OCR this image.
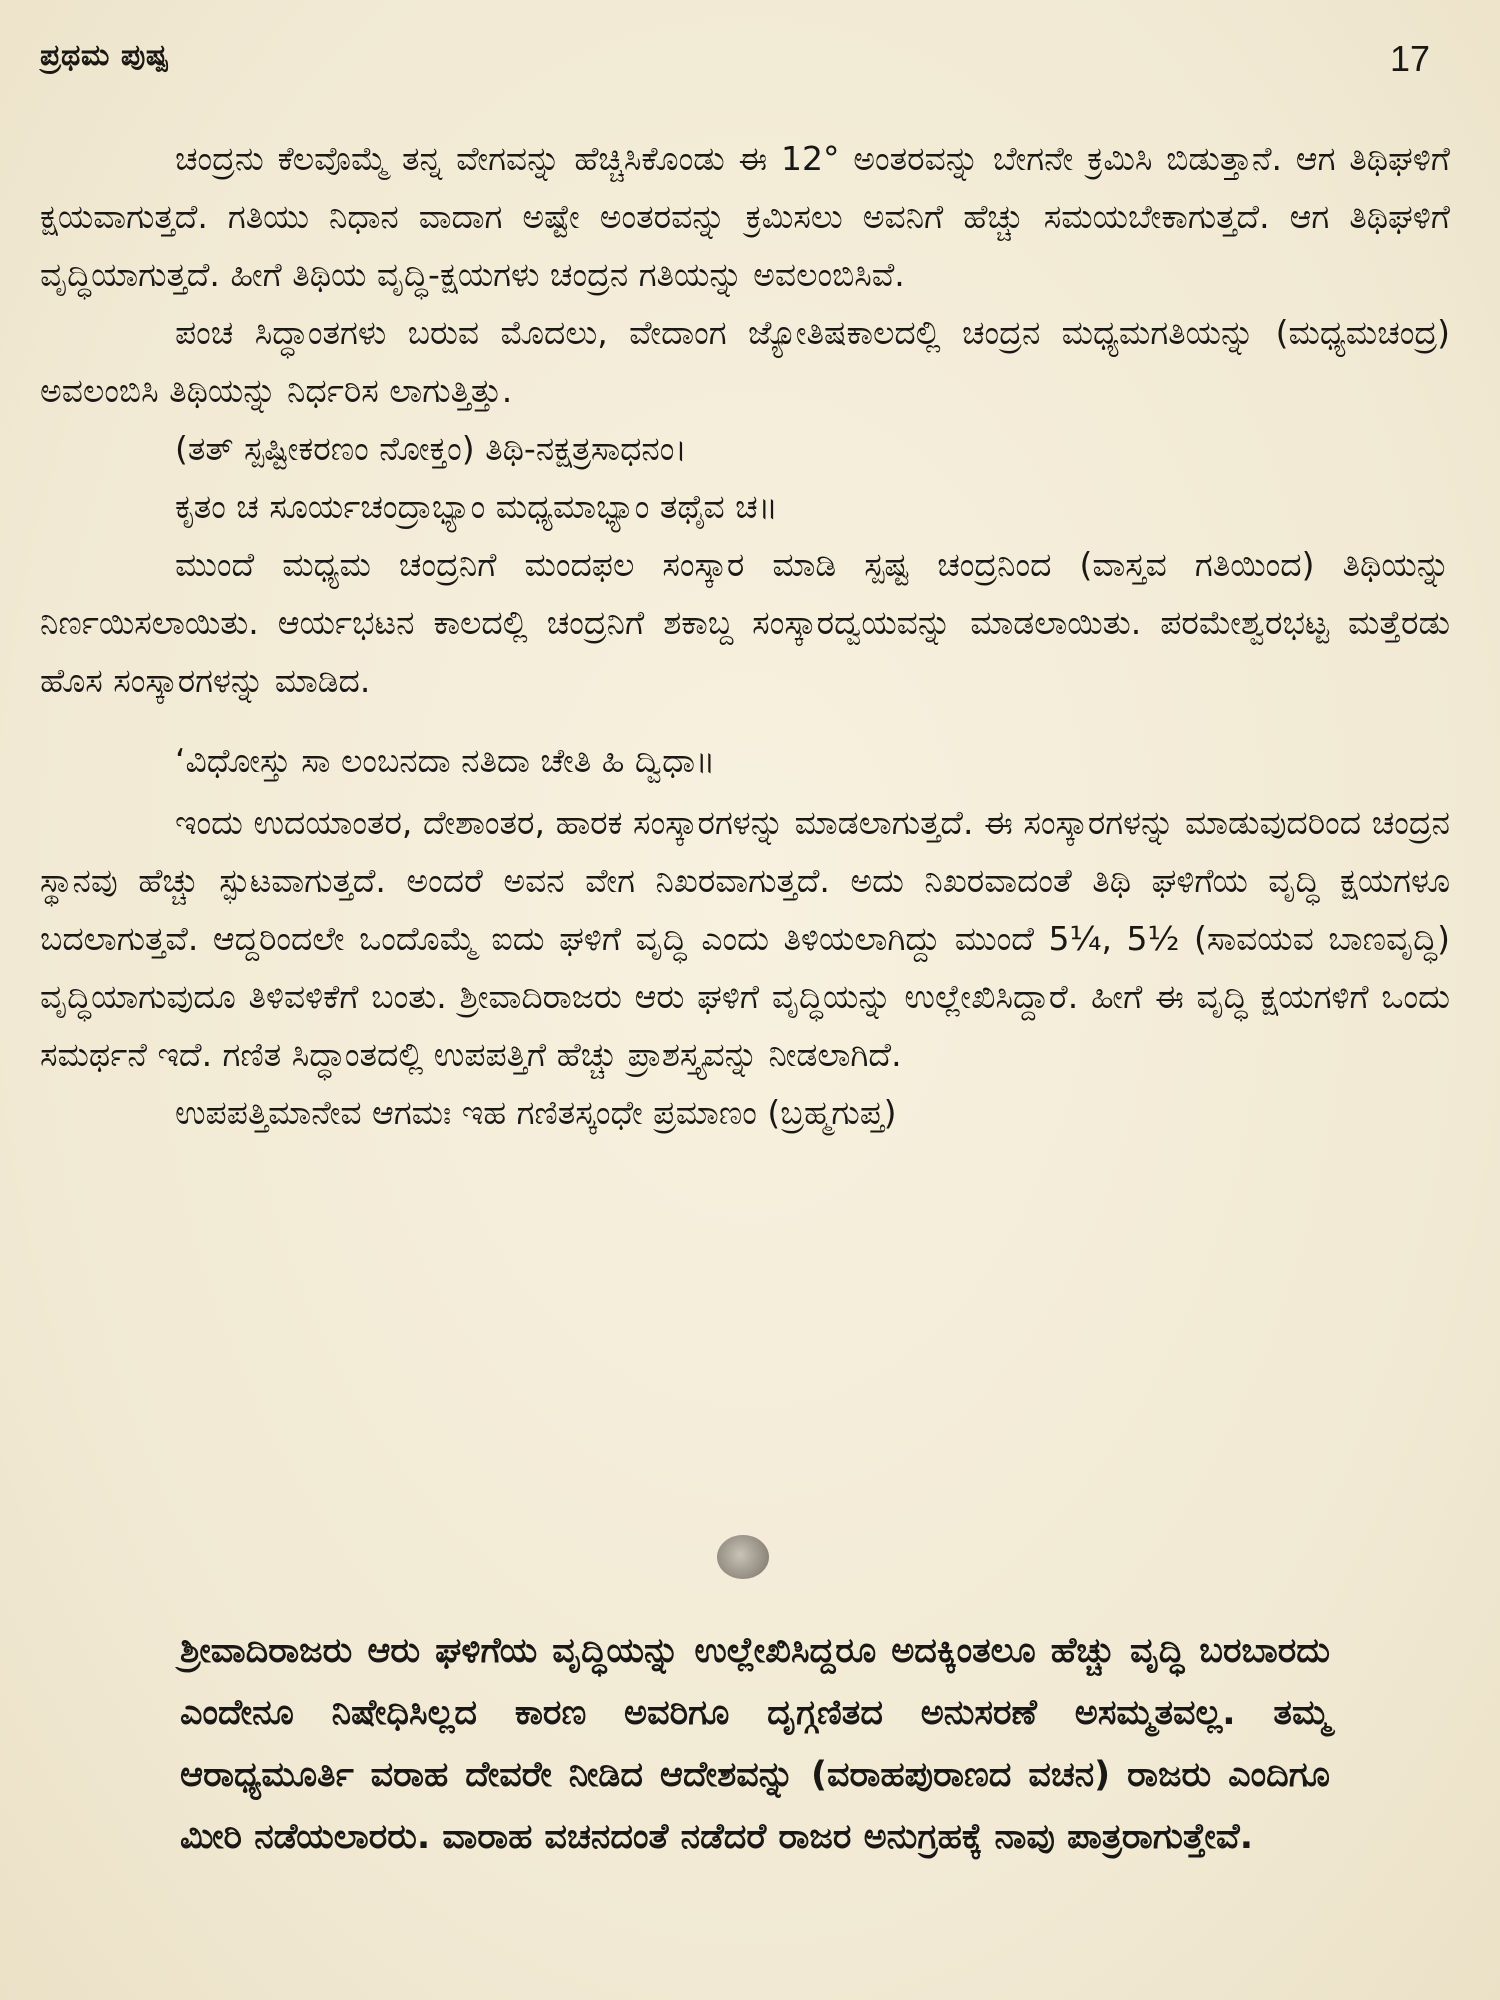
ಪ್ರಥಮ ಪುಷ್ಪ	17

ಚಂದ್ರನು ಕೆಲವೊಮ್ಮೆ ತನ್ನ ವೇಗವನ್ನು ಹೆಚ್ಚಿಸಿಕೊಂಡು ಈ 12° ಅಂತರವನ್ನು ಬೇಗನೇ ಕ್ರಮಿಸಿ ಬಿಡುತ್ತಾನೆ. ಆಗ ತಿಥಿಘಳಿಗೆ ಕ್ಷಯವಾಗುತ್ತದೆ. ಗತಿಯು ನಿಧಾನ ವಾದಾಗ ಅಷ್ಟೇ ಅಂತರವನ್ನು ಕ್ರಮಿಸಲು ಅವನಿಗೆ ಹೆಚ್ಚು ಸಮಯಬೇಕಾಗುತ್ತದೆ. ಆಗ ತಿಥಿಘಳಿಗೆ ವೃದ್ಧಿಯಾಗುತ್ತದೆ. ಹೀಗೆ ತಿಥಿಯ ವೃದ್ಧಿ-ಕ್ಷಯಗಳು ಚಂದ್ರನ ಗತಿಯನ್ನು ಅವಲಂಬಿಸಿವೆ.

ಪಂಚ ಸಿದ್ಧಾಂತಗಳು ಬರುವ ಮೊದಲು, ವೇದಾಂಗ ಜ್ಯೋತಿಷಕಾಲದಲ್ಲಿ ಚಂದ್ರನ ಮಧ್ಯಮಗತಿಯನ್ನು (ಮಧ್ಯಮಚಂದ್ರ) ಅವಲಂಬಿಸಿ ತಿಥಿಯನ್ನು ನಿರ್ಧರಿಸ ಲಾಗುತ್ತಿತ್ತು.

(ತತ್ ಸ್ಪಷ್ಟೀಕರಣಂ ನೋಕ್ತಂ) ತಿಥಿ-ನಕ್ಷತ್ರಸಾಧನಂ।

ಕೃತಂ ಚ ಸೂರ್ಯಚಂದ್ರಾಭ್ಯಾಂ ಮಧ್ಯಮಾಭ್ಯಾಂ ತಥೈವ ಚ॥

ಮುಂದೆ ಮಧ್ಯಮ ಚಂದ್ರನಿಗೆ ಮಂದಫಲ ಸಂಸ್ಕಾರ ಮಾಡಿ ಸ್ಪಷ್ಟ ಚಂದ್ರನಿಂದ (ವಾಸ್ತವ ಗತಿಯಿಂದ) ತಿಥಿಯನ್ನು ನಿರ್ಣಯಿಸಲಾಯಿತು. ಆರ್ಯಭಟನ ಕಾಲದಲ್ಲಿ ಚಂದ್ರನಿಗೆ ಶಕಾಬ್ದ ಸಂಸ್ಕಾರದ್ವಯವನ್ನು ಮಾಡಲಾಯಿತು. ಪರಮೇಶ್ವರಭಟ್ಟ ಮತ್ತೆರಡು ಹೊಸ ಸಂಸ್ಕಾರಗಳನ್ನು ಮಾಡಿದ.

‘ವಿಧೋಸ್ತು ಸಾ ಲಂಬನದಾ ನತಿದಾ ಚೇತಿ ಹಿ ದ್ವಿಧಾ॥

ಇಂದು ಉದಯಾಂತರ, ದೇಶಾಂತರ, ಹಾರಕ ಸಂಸ್ಕಾರಗಳನ್ನು ಮಾಡಲಾಗುತ್ತದೆ. ಈ ಸಂಸ್ಕಾರಗಳನ್ನು ಮಾಡುವುದರಿಂದ ಚಂದ್ರನ ಸ್ಥಾನವು ಹೆಚ್ಚು ಸ್ಫುಟವಾಗುತ್ತದೆ. ಅಂದರೆ ಅವನ ವೇಗ ನಿಖರವಾಗುತ್ತದೆ. ಅದು ನಿಖರವಾದಂತೆ ತಿಥಿ ಘಳಿಗೆಯ ವೃದ್ಧಿ ಕ್ಷಯಗಳೂ ಬದಲಾಗುತ್ತವೆ. ಆದ್ದರಿಂದಲೇ ಒಂದೊಮ್ಮೆ ಐದು ಘಳಿಗೆ ವೃದ್ಧಿ ಎಂದು ತಿಳಿಯಲಾಗಿದ್ದು ಮುಂದೆ 5¼, 5½ (ಸಾವಯವ ಬಾಣವೃದ್ಧಿ) ವೃದ್ಧಿಯಾಗುವುದೂ ತಿಳಿವಳಿಕೆಗೆ ಬಂತು. ಶ್ರೀವಾದಿರಾಜರು ಆರು ಘಳಿಗೆ ವೃದ್ಧಿಯನ್ನು ಉಲ್ಲೇಖಿಸಿದ್ದಾರೆ. ಹೀಗೆ ಈ ವೃದ್ಧಿ ಕ್ಷಯಗಳಿಗೆ ಒಂದು ಸಮರ್ಥನೆ ಇದೆ. ಗಣಿತ ಸಿದ್ಧಾಂತದಲ್ಲಿ ಉಪಪತ್ತಿಗೆ ಹೆಚ್ಚು ಪ್ರಾಶಸ್ತ್ಯವನ್ನು ನೀಡಲಾಗಿದೆ.

ಉಪಪತ್ತಿಮಾನೇವ ಆಗಮಃ ಇಹ ಗಣಿತಸ್ಕಂಧೇ ಪ್ರಮಾಣಂ (ಬ್ರಹ್ಮಗುಪ್ತ)

ಶ್ರೀವಾದಿರಾಜರು ಆರು ಘಳಿಗೆಯ ವೃದ್ಧಿಯನ್ನು ಉಲ್ಲೇಖಿಸಿದ್ದರೂ ಅದಕ್ಕಿಂತಲೂ ಹೆಚ್ಚು ವೃದ್ಧಿ ಬರಬಾರದು ಎಂದೇನೂ ನಿಷೇಧಿಸಿಲ್ಲದ ಕಾರಣ ಅವರಿಗೂ ದೃಗ್ಗಣಿತದ ಅನುಸರಣೆ ಅಸಮ್ಮತವಲ್ಲ. ತಮ್ಮ ಆರಾಧ್ಯಮೂರ್ತಿ ವರಾಹ ದೇವರೇ ನೀಡಿದ ಆದೇಶವನ್ನು (ವರಾಹಪುರಾಣದ ವಚನ) ರಾಜರು ಎಂದಿಗೂ ಮೀರಿ ನಡೆಯಲಾರರು. ವಾರಾಹ ವಚನದಂತೆ ನಡೆದರೆ ರಾಜರ ಅನುಗ್ರಹಕ್ಕೆ ನಾವು ಪಾತ್ರರಾಗುತ್ತೇವೆ.
